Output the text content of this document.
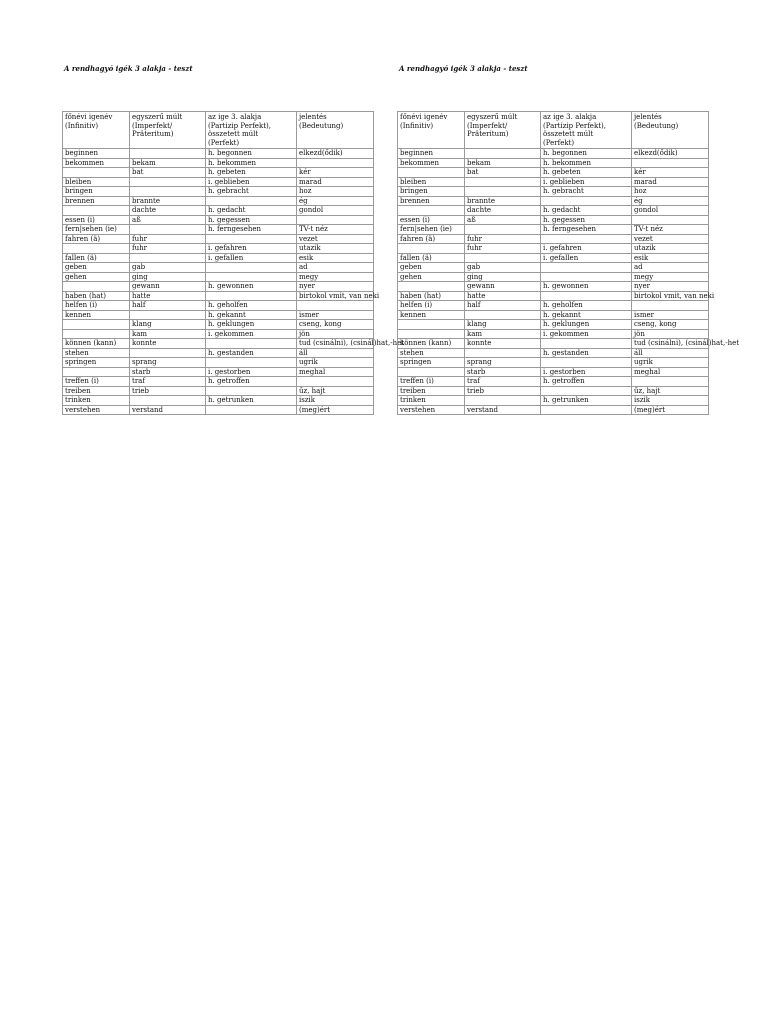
A rendhagyó igék 3 alakja - teszt
főnévi igenév
(Infinitiv)	egyszerű múlt
(Imperfekt/
Präteritum)	az ige 3. alakja
(Partizip Perfekt),
összetett múlt
(Perfekt)	jelentés
(Bedeutung)
beginnen		h. begonnen	elkezd(ődik)
bekommen	bekam	h. bekommen	
	bat	h. gebeten	kér
bleiben		i. geblieben	marad
bringen		h. gebracht	hoz
brennen	brannte		ég
	dachte	h. gedacht	gondol
essen (i)	aß	h. gegessen	
fern|sehen (ie)		h. ferngesehen	TV-t néz
fahren (ä)	fuhr		vezet
	fuhr	i. gefahren	utazik
fallen (ä)		i. gefallen	esik
geben	gab		ad
gehen	ging		megy
	gewann	h. gewonnen	nyer
haben (hat)	hatte		birtokol vmit, van neki
helfen (i)	half	h. geholfen	
kennen		h. gekannt	ismer
	klang	h. geklungen	cseng, kong
	kam	i. gekommen	jön
können (kann)	konnte		tud (csinálni), (csinál)hat,-het
stehen		h. gestanden	áll
springen	sprang		ugrik
	starb	i. gestorben	meghal
treffen (i)	traf	h. getroffen	
treiben	trieb		űz, hajt
trinken		h. getrunken	iszik
verstehen	verstand		(meg)ért
A rendhagyó igék 3 alakja - teszt
főnévi igenév
(Infinitiv)	egyszerű múlt
(Imperfekt/
Präteritum)	az ige 3. alakja
(Partizip Perfekt),
összetett múlt
(Perfekt)	jelentés
(Bedeutung)
beginnen		h. begonnen	elkezd(ődik)
bekommen	bekam	h. bekommen	
	bat	h. gebeten	kér
bleiben		i. geblieben	marad
bringen		h. gebracht	hoz
brennen	brannte		ég
	dachte	h. gedacht	gondol
essen (i)	aß	h. gegessen	
fern|sehen (ie)		h. ferngesehen	TV-t néz
fahren (ä)	fuhr		vezet
	fuhr	i. gefahren	utazik
fallen (ä)		i. gefallen	esik
geben	gab		ad
gehen	ging		megy
	gewann	h. gewonnen	nyer
haben (hat)	hatte		birtokol vmit, van neki
helfen (i)	half	h. geholfen	
kennen		h. gekannt	ismer
	klang	h. geklungen	cseng, kong
	kam	i. gekommen	jön
können (kann)	konnte		tud (csinálni), (csinál)hat,-het
stehen		h. gestanden	áll
springen	sprang		ugrik
	starb	i. gestorben	meghal
treffen (i)	traf	h. getroffen	
treiben	trieb		űz, hajt
trinken		h. getrunken	iszik
verstehen	verstand		(meg)ért
